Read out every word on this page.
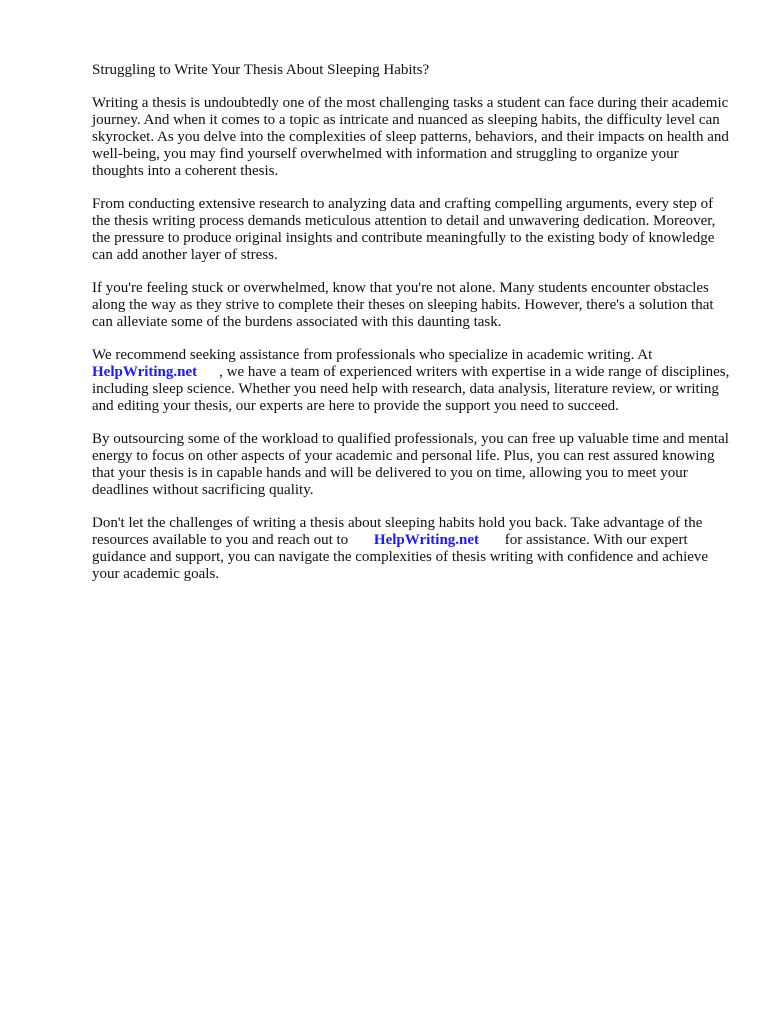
Struggling to Write Your Thesis About Sleeping Habits?

Writing a thesis is undoubtedly one of the most challenging tasks a student can face during their academic journey. And when it comes to a topic as intricate and nuanced as sleeping habits, the difficulty level can skyrocket. As you delve into the complexities of sleep patterns, behaviors, and their impacts on health and well-being, you may find yourself overwhelmed with information and struggling to organize your thoughts into a coherent thesis.

From conducting extensive research to analyzing data and crafting compelling arguments, every step of the thesis writing process demands meticulous attention to detail and unwavering dedication. Moreover, the pressure to produce original insights and contribute meaningfully to the existing body of knowledge can add another layer of stress.

If you're feeling stuck or overwhelmed, know that you're not alone. Many students encounter obstacles along the way as they strive to complete their theses on sleeping habits. However, there's a solution that can alleviate some of the burdens associated with this daunting task.

We recommend seeking assistance from professionals who specialize in academic writing. At
HelpWriting.net , we have a team of experienced writers with expertise in a wide range of disciplines, including sleep science. Whether you need help with research, data analysis, literature review, or writing and editing your thesis, our experts are here to provide the support you need to succeed.

By outsourcing some of the workload to qualified professionals, you can free up valuable time and mental energy to focus on other aspects of your academic and personal life. Plus, you can rest assured knowing that your thesis is in capable hands and will be delivered to you on time, allowing you to meet your deadlines without sacrificing quality.

Don't let the challenges of writing a thesis about sleeping habits hold you back. Take advantage of the resources available to you and reach out to HelpWriting.net for assistance. With our expert guidance and support, you can navigate the complexities of thesis writing with confidence and achieve your academic goals.
